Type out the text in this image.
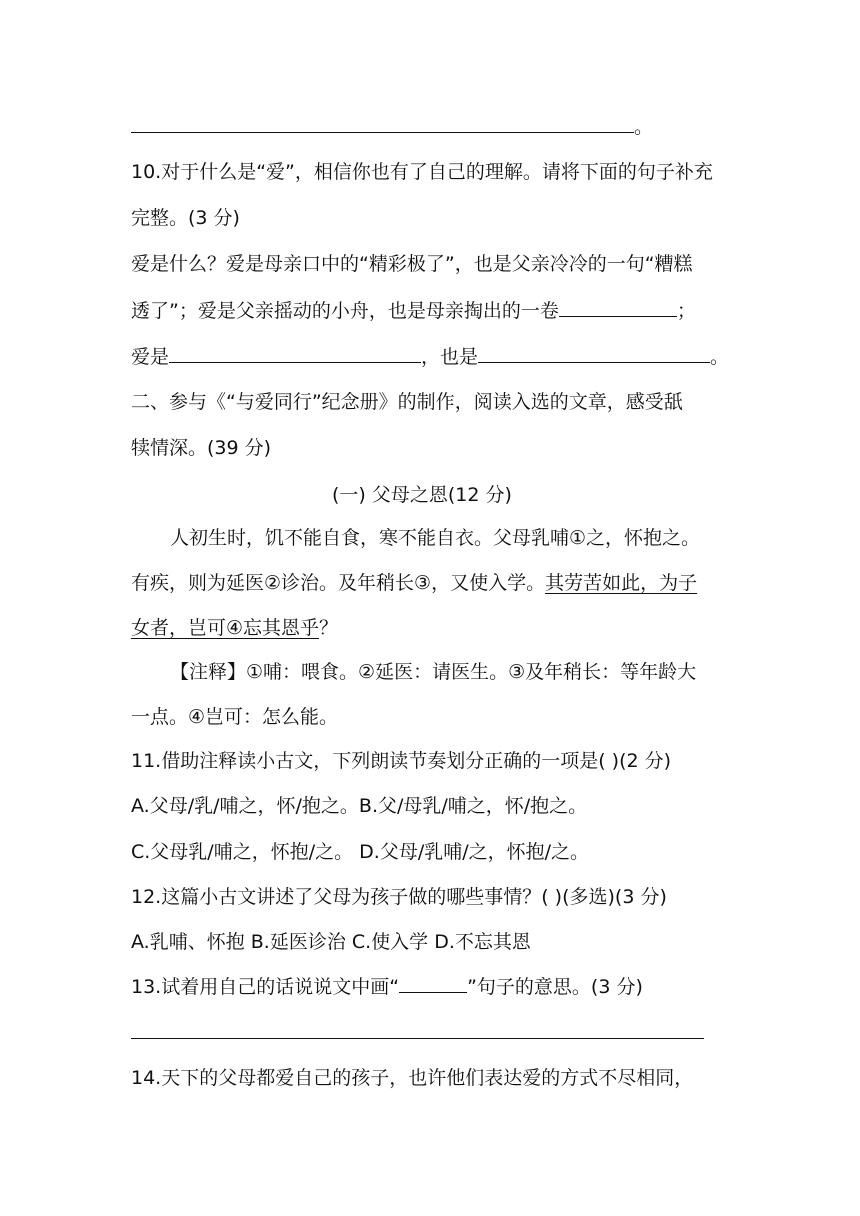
。
10.对于什么是“爱”，相信你也有了自己的理解。请将下面的句子补充
完整。(3 分)
爱是什么？爱是母亲口中的“精彩极了”，也是父亲冷冷的一句“糟糕
透了”；爱是父亲摇动的小舟，也是母亲掏出的一卷	；
爱是	，也是	。
二、参与《“与爱同行”纪念册》的制作，阅读入选的文章，感受舐
犊情深。(39 分)
(一) 父母之恩(12 分)
人初生时，饥不能自食，寒不能自衣。父母乳哺①之，怀抱之。
有疾，则为延医②诊治。及年稍长③，又使入学。其劳苦如此，为子
女者，岂可④忘其恩乎？
【注释】①哺：喂食。②延医：请医生。③及年稍长：等年龄大
一点。④岂可：怎么能。
11.借助注释读小古文，下列朗读节奏划分正确的一项是( )(2 分)
A.父母/乳/哺之，怀/抱之。B.父/母乳/哺之，怀/抱之。
C.父母乳/哺之，怀抱/之。 D.父母/乳哺/之，怀抱/之。
12.这篇小古文讲述了父母为孩子做的哪些事情？( )(多选)(3 分)
A.乳哺、怀抱 B.延医诊治 C.使入学 D.不忘其恩
13.试着用自己的话说说文中画“	”句子的意思。(3 分)
14.天下的父母都爱自己的孩子，也许他们表达爱的方式不尽相同，
